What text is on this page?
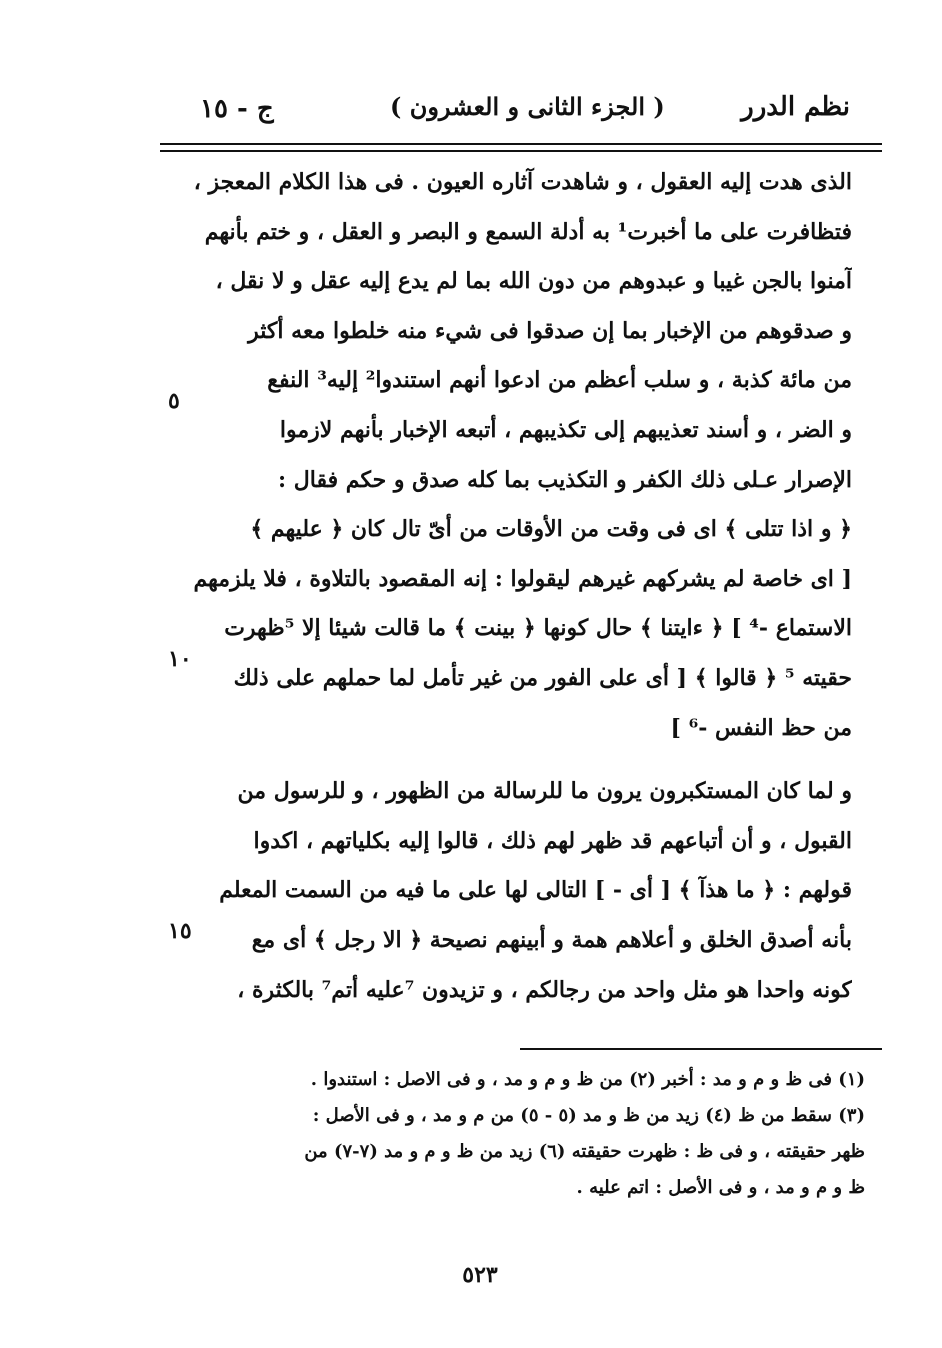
ج - ١٥	( الجزء الثانى و العشرون )	نظم الدرر
الذى هدت إليه العقول ، و شاهدت آثاره العيون . فى هذا الكلام المعجز ،
فتظافرت على ما أخبرت¹ به أدلة السمع و البصر و العقل ، و ختم بأنهم
آمنوا بالجن غيبا و عبدوهم من دون الله بما لم يدع إليه عقل و لا نقل ،
و صدقوهم من الإخبار بما إن صدقوا فى شيء منه خلطوا معه أكثر
من مائة كذبة ، و سلب أعظم من ادعوا أنهم استندوا² إليه³ النفع
و الضر ، و أسند تعذيبهم إلى تكذيبهم ، أتبعه الإخبار بأنهم لازموا
الإصرار عـلى ذلك الكفر و التكذيب بما كله صدق و حكم فقال :
﴿ و اذا تتلى ﴾ اى فى وقت من الأوقات من أىّ تال كان ﴿ عليهم ﴾
[ اى خاصة لم يشركهم غيرهم ليقولوا : إنه المقصود بالتلاوة ، فلا يلزمهم
الاستماع -⁴ ] ﴿ ءايتنا ﴾ حال كونها ﴿ بينت ﴾ ما قالت شيئا إلا ⁵ظهرت
حقيته ⁵ ﴿ قالوا ﴾ [ أى على الفور من غير تأمل لما حملهم على ذلك
من حظ النفس -⁶ ]
و لما كان المستكبرون يرون ما للرسالة من الظهور ، و للرسول من
القبول ، و أن أتباعهم قد ظهر لهم ذلك ، قالوا إليه بكلياتهم ، اكدوا
قولهم : ﴿ ما هذآ ﴾ [ أى - ] التالى لها على ما فيه من السمت المعلم
بأنه أصدق الخلق و أعلاهم همة و أبينهم نصيحة ﴿ الا رجل ﴾ أى مع
كونه واحدا هو مثل واحد من رجالكم ، و تزيدون ⁷عليه أتم⁷ بالكثرة ،
٥
١٠
١٥
(١) فى ظ و م و مد : أخبر (٢) من ظ و م و مد ، و فى الاصل : استندوا .
(٣) سقط من ظ (٤) زيد من ظ و مد (٥ - ٥) من م و مد ، و فى الأصل :
ظهر حقيقته ، و فى ظ : ظهرت حقيقته (٦) زيد من ظ و م و مد (٧-٧) من
ظ و م و مد ، و فى الأصل : اتم عليه .
٥٢٣
